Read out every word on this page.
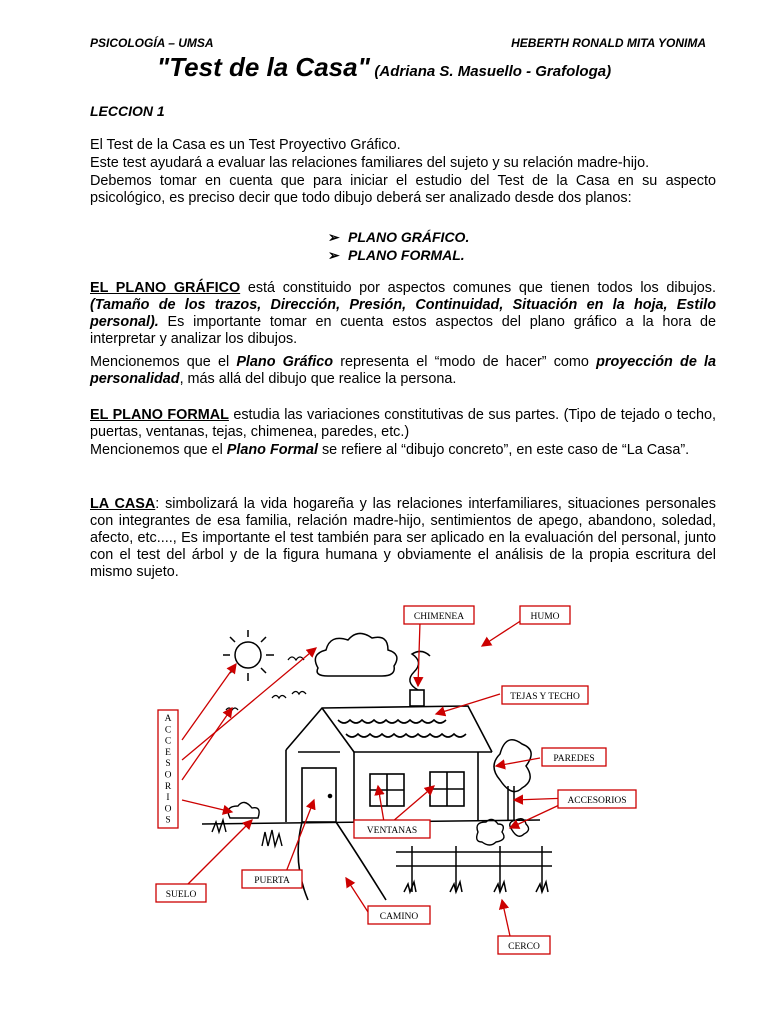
PSICOLOGÍA – UMSA	HEBERTH RONALD MITA YONIMA
"Test de la Casa" (Adriana S. Masuello - Grafologa)
LECCION 1
El Test de la Casa es un Test Proyectivo Gráfico.
Este test ayudará a evaluar las relaciones familiares del sujeto y su relación madre-hijo.
Debemos tomar en cuenta que para iniciar el estudio del Test de la Casa en su aspecto psicológico, es preciso decir que todo dibujo deberá ser analizado desde dos planos:
➢ PLANO GRÁFICO.
➢ PLANO FORMAL.
EL PLANO GRÁFICO está constituido por aspectos comunes que tienen todos los dibujos. (Tamaño de los trazos, Dirección, Presión, Continuidad, Situación en la hoja, Estilo personal). Es importante tomar en cuenta estos aspectos del plano gráfico a la hora de interpretar y analizar los dibujos.
Mencionemos que el Plano Gráfico representa el “modo de hacer” como proyección de la personalidad, más allá del dibujo que realice la persona.
EL PLANO FORMAL estudia las variaciones constitutivas de sus partes. (Tipo de tejado o techo, puertas, ventanas, tejas, chimenea, paredes, etc.)
Mencionemos que el Plano Formal se refiere al “dibujo concreto”, en este caso de “La Casa”.
LA CASA: simbolizará la vida hogareña y las relaciones interfamiliares, situaciones personales con integrantes de esa familia, relación madre-hijo, sentimientos de apego, abandono, soledad, afecto, etc...., Es importante el test también para ser aplicado en la evaluación del personal, junto con el test del árbol y de la figura humana y obviamente el análisis de la propia escritura del mismo sujeto.
A
C
C
E
S
O
R
I
O
S
CHIMENEA	HUMO
TEJAS Y TECHO
PAREDES
ACCESORIOS
VENTANAS
PUERTA
SUELO
CAMINO
CERCO
